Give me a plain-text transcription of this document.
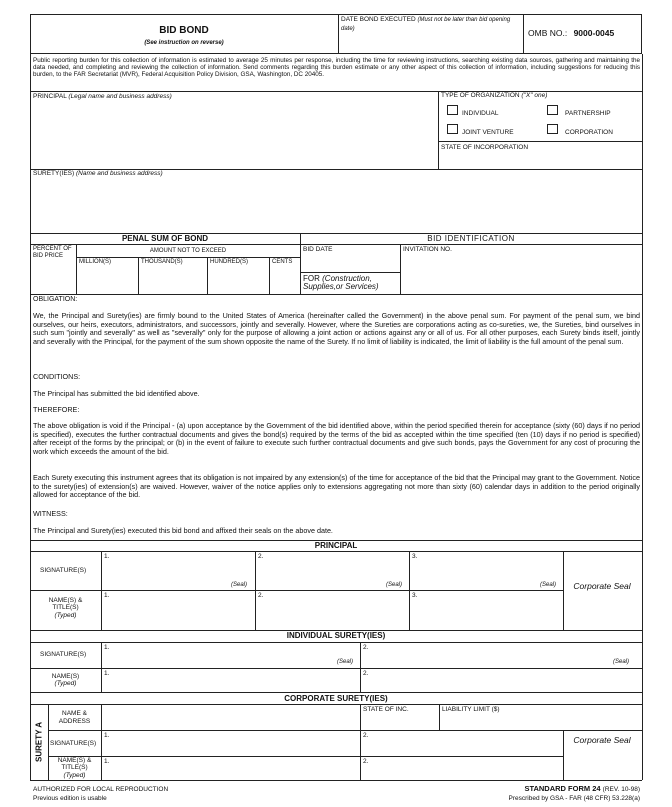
BID BOND
(See instruction on reverse)
DATE BOND EXECUTED (Must not be later than bid opening date)	OMB NO.: 9000-0045
Public reporting burden for this collection of information is estimated to average 25 minutes per response, including the time for reviewing instructions, searching existing data sources, gathering and maintaining the data needed, and completing and reviewing the collection of information. Send comments regarding this burden estimate or any other aspect of this collection of information, including suggestions for reducing this burden, to the FAR Secretariat (MVR), Federal Acquisition Policy Division, GSA, Washington, DC 20405.
PRINCIPAL (Legal name and business address)	TYPE OF ORGANIZATION ("X" one)
INDIVIDUAL	PARTNERSHIP
JOINT VENTURE	CORPORATION
STATE OF INCORPORATION
SURETY(IES) (Name and business address)
PENAL SUM OF BOND
PERCENT OF BID PRICE
AMOUNT NOT TO EXCEED
MILLION(S)	THOUSAND(S)	HUNDRED(S)	CENTS
BID IDENTIFICATION
BID DATE	INVITATION NO.
FOR (Construction, Supplies,or Services)
OBLIGATION:
We, the Principal and Surety(ies) are firmly bound to the United States of America (hereinafter called the Government) in the above penal sum. For payment of the penal sum, we bind ourselves, our heirs, executors, administrators, and successors, jointly and severally. However, where the Sureties are corporations acting as co-sureties, we, the Sureties, bind ourselves in such sum "jointly and severally" as well as "severally" only for the purpose of allowing a joint action or actions against any or all of us. For all other purposes, each Surety binds itself, jointly and severally with the Principal, for the payment of the sum shown opposite the name of the Surety. If no limit of liability is indicated, the limit of liability is the full amount of the penal sum.
CONDITIONS:
The Principal has submitted the bid identified above.
THEREFORE:
The above obligation is void if the Principal - (a) upon acceptance by the Government of the bid identified above, within the period specified therein for acceptance (sixty (60) days if no period is specified), executes the further contractual documents and gives the bond(s) required by the terms of the bid as accepted within the time specified (ten (10) days if no period is specified) after receipt of the forms by the principal; or (b) in the event of failure to execute such further contractual documents and give such bonds, pays the Government for any cost of procuring the work which exceeds the amount of the bid.
Each Surety executing this instrument agrees that its obligation is not impaired by any extension(s) of the time for acceptance of the bid that the Principal may grant to the Government. Notice to the surety(ies) of extension(s) are waived. However, waiver of the notice applies only to extensions aggregating not more than sixty (60) calendar days in addition to the period originally allowed for acceptance of the bid.
WITNESS:
The Principal and Surety(ies) executed this bid bond and affixed their seals on the above date.
PRINCIPAL
SIGNATURE(S)
1.	2.	3.
(Seal)	(Seal)	(Seal)
NAME(S) &
TITLE(S)
(Typed)
1.	2.	3.
Corporate Seal
INDIVIDUAL SURETY(IES)
SIGNATURE(S)
1.	2.
(Seal)	(Seal)
NAME(S)
(Typed)
1.	2.
CORPORATE SURETY(IES)
SURETY A
NAME &
ADDRESS
STATE OF INC.	LIABILITY LIMIT ($)
SIGNATURE(S)
1.	2.
NAME(S) &
TITLE(S)
(Typed)
1.	2.
Corporate Seal
AUTHORIZED FOR LOCAL REPRODUCTION
Previous edition is usable
STANDARD FORM 24 (REV. 10-98)
Prescribed by GSA - FAR (48 CFR) 53.228(a)
